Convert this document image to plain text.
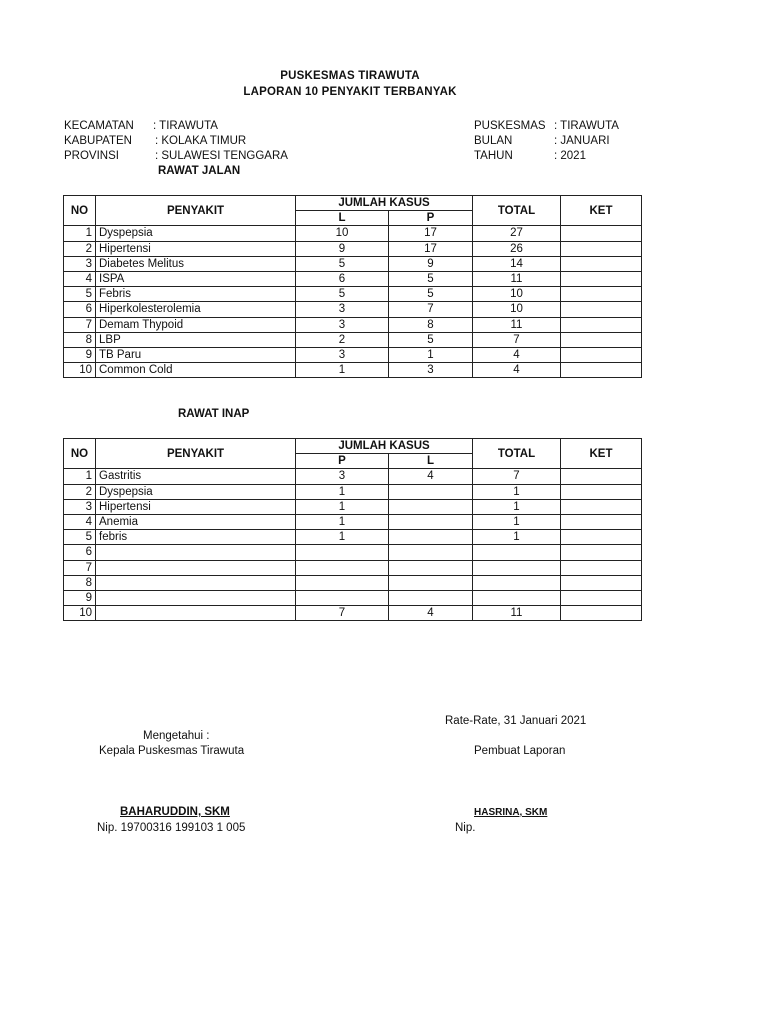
PUSKESMAS TIRAWUTA
LAPORAN 10 PENYAKIT TERBANYAK
KECAMATAN : TIRAWUTA
KABUPATEN : KOLAKA TIMUR
PROVINSI	: SULAWESI TENGGARA
PUSKESMAS : TIRAWUTA
BULAN	: JANUARI
TAHUN	: 2021
RAWAT JALAN
NO	PENYAKIT	JUMLAH KASUS		TOTAL	KET
		L	P		
1	Dyspepsia	10	17	27	
2	Hipertensi	9	17	26	
3	Diabetes Melitus	5	9	14	
4	ISPA	6	5	11	
5	Febris	5	5	10	
6	Hiperkolesterolemia	3	7	10	
7	Demam Thypoid	3	8	11	
8	LBP	2	5	7	
9	TB Paru	3	1	4	
10	Common Cold	1	3	4	
RAWAT INAP
NO	PENYAKIT	JUMLAH KASUS		TOTAL	KET
		P	L		
1	Gastritis	3	4	7	
2	Dyspepsia	1		1	
3	Hipertensi	1		1	
4	Anemia	1		1	
5	febris	1		1	
6					
7					
8					
9					
10		7	4	11	
Rate-Rate, 31 Januari 2021
Mengetahui :
Kepala Puskesmas Tirawuta	Pembuat Laporan
BAHARUDDIN, SKM	HASRINA, SKM
Nip. 19700316 199103 1 005	Nip.
